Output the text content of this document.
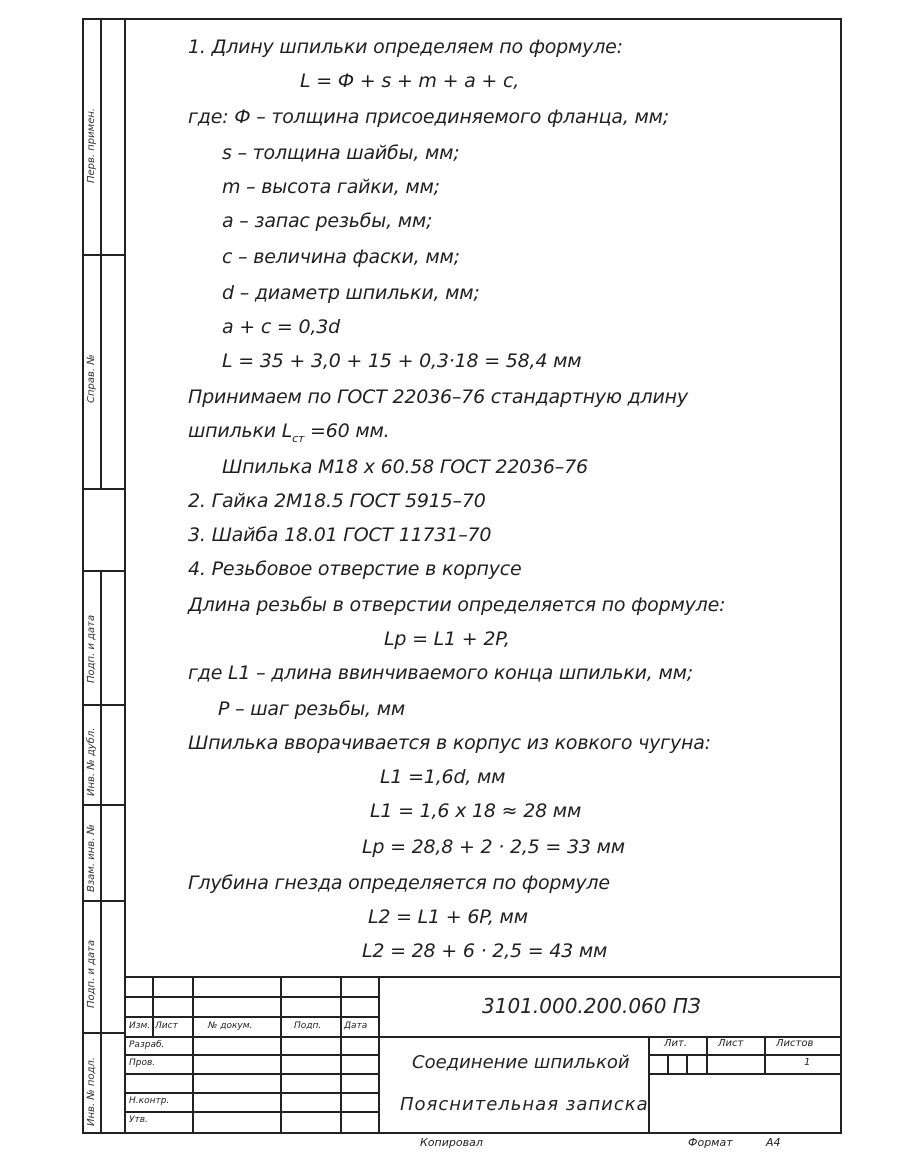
Перв. примен.
Справ. №
Подп. и дата
Инв. № дубл.
Взам. инв. №
Подп. и дата
Инв. № подл.
1. Длину шпильки определяем по формуле:
L = Ф + s + m + a + c,
где: Ф – толщина присоединяемого фланца, мм;
s – толщина шайбы, мм;
m – высота гайки, мм;
a – запас резьбы, мм;
c – величина фаски, мм;
d – диаметр шпильки, мм;
a + c = 0,3d
L = 35 + 3,0 + 15 + 0,3·18 = 58,4 мм
Принимаем по ГОСТ 22036–76 стандартную длину
шпильки $L_{ст} =60$ мм.
Шпилька М18 х 60.58 ГОСТ 22036–76
2. Гайка 2М18.5 ГОСТ 5915–70
3. Шайба 18.01 ГОСТ 11731–70
4. Резьбовое отверстие в корпусе
Длина резьбы в отверстии определяется по формуле:
Lp = L1 + 2P,
где L1 – длина ввинчиваемого конца шпильки, мм;
P – шаг резьбы, мм
Шпилька вворачивается в корпус из ковкого чугуна:
L1 =1,6d, мм
L1 = 1,6 х 18 ≈ 28 мм
Lp = 28,8 + 2 · 2,5 = 33 мм
Глубина гнезда определяется по формуле
L2 = L1 + 6P, мм
L2 = 28 + 6 · 2,5 = 43 мм
3101.000.200.060 ПЗ
Изм. Лист	№ докум.	Подп.	Дата
Разраб.
Пров.
Н.контр.
Утв.
Соединение шпилькой
Пояснительная записка
Лит.	Лист	Листов
1
Копировал	Формат	А4
